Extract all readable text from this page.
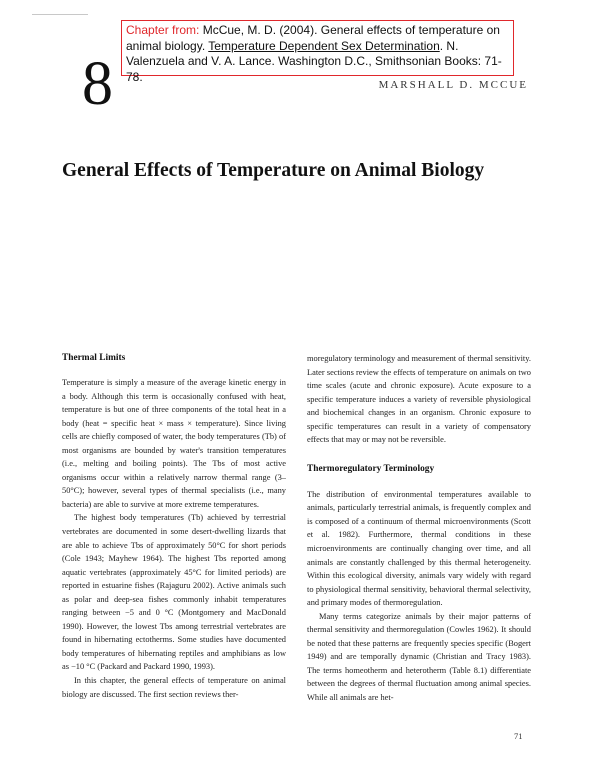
Chapter from: McCue, M. D. (2004). General effects of temperature on animal biology. Temperature Dependent Sex Determination. N. Valenzuela and V. A. Lance. Washington D.C., Smithsonian Books: 71-78.
8	MARSHALL D. MCCUE
General Effects of Temperature on Animal Biology
Thermal Limits

Temperature is simply a measure of the average kinetic energy in a body. Although this term is occasionally confused with heat, temperature is but one of three components of the total heat in a body (heat = specific heat × mass × temperature). Since living cells are chiefly composed of water, the body temperatures (Tb) of most organisms are bounded by water's transition temperatures (i.e., melting and boiling points). The Tbs of most active organisms occur within a relatively narrow thermal range (3–50°C); however, several types of thermal specialists (i.e., many bacteria) are able to survive at more extreme temperatures.

The highest body temperatures (Tb) achieved by terrestrial vertebrates are documented in some desert-dwelling lizards that are able to achieve Tbs of approximately 50°C for short periods (Cole 1943; Mayhew 1964). The highest Tbs reported among aquatic vertebrates (approximately 45°C for limited periods) are reported in estuarine fishes (Rajaguru 2002). Active animals such as polar and deep-sea fishes commonly inhabit temperatures ranging between −5 and 0 °C (Montgomery and MacDonald 1990). However, the lowest Tbs among terrestrial vertebrates are found in hibernating ectotherms. Some studies have documented body temperatures of hibernating reptiles and amphibians as low as −10 °C (Packard and Packard 1990, 1993).

In this chapter, the general effects of temperature on animal biology are discussed. The first section reviews ther-

moregulatory terminology and measurement of thermal sensitivity. Later sections review the effects of temperature on animals on two time scales (acute and chronic exposure). Acute exposure to a specific temperature induces a variety of reversible physiological and biochemical changes in an organism. Chronic exposure to specific temperatures can result in a variety of compensatory effects that may or may not be reversible.

Thermoregulatory Terminology

The distribution of environmental temperatures available to animals, particularly terrestrial animals, is frequently complex and is composed of a continuum of thermal microenvironments (Scott et al. 1982). Furthermore, thermal conditions in these microenvironments are continually changing over time, and all animals are constantly challenged by this thermal heterogeneity. Within this ecological diversity, animals vary widely with regard to physiological thermal sensitivity, behavioral thermal selectivity, and primary modes of thermoregulation.

Many terms categorize animals by their major patterns of thermal sensitivity and thermoregulation (Cowles 1962). It should be noted that these patterns are frequently species specific (Bogert 1949) and are temporally dynamic (Christian and Tracy 1983). The terms homeotherm and heterotherm (Table 8.1) differentiate between the degrees of thermal fluctuation among animal species. While all animals are het-

71
